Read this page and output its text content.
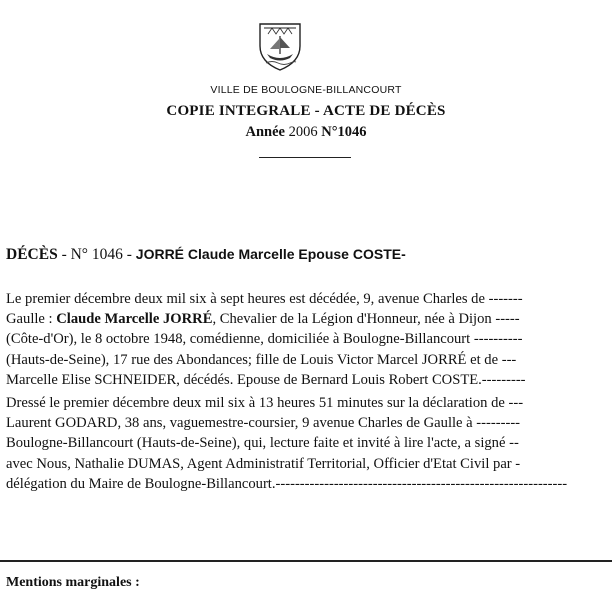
VILLE DE BOULOGNE-BILLANCOURT
COPIE INTEGRALE - ACTE DE DÉCÈS
Année 2006 N°1046
DÉCÈS - N° 1046 - JORRÉ Claude Marcelle Epouse COSTE-
Le premier décembre deux mil six à sept heures est décédée, 9, avenue Charles de -------
Gaulle : Claude Marcelle JORRÉ, Chevalier de la Légion d'Honneur, née à Dijon -----
(Côte-d'Or), le 8 octobre 1948, comédienne, domiciliée à Boulogne-Billancourt ----------
(Hauts-de-Seine), 17 rue des Abondances; fille de Louis Victor Marcel JORRÉ et de ---
Marcelle Elise SCHNEIDER, décédés. Epouse de Bernard Louis Robert COSTE.---------
Dressé le premier décembre deux mil six à 13 heures 51 minutes sur la déclaration de ---
Laurent GODARD, 38 ans, vaguemestre-coursier, 9 avenue Charles de Gaulle à ---------
Boulogne-Billancourt (Hauts-de-Seine), qui, lecture faite et invité à lire l'acte, a signé --
avec Nous, Nathalie DUMAS, Agent Administratif Territorial, Officier d'Etat Civil par -
délégation du Maire de Boulogne-Billancourt.------------------------------------------------------------
Mentions marginales :
